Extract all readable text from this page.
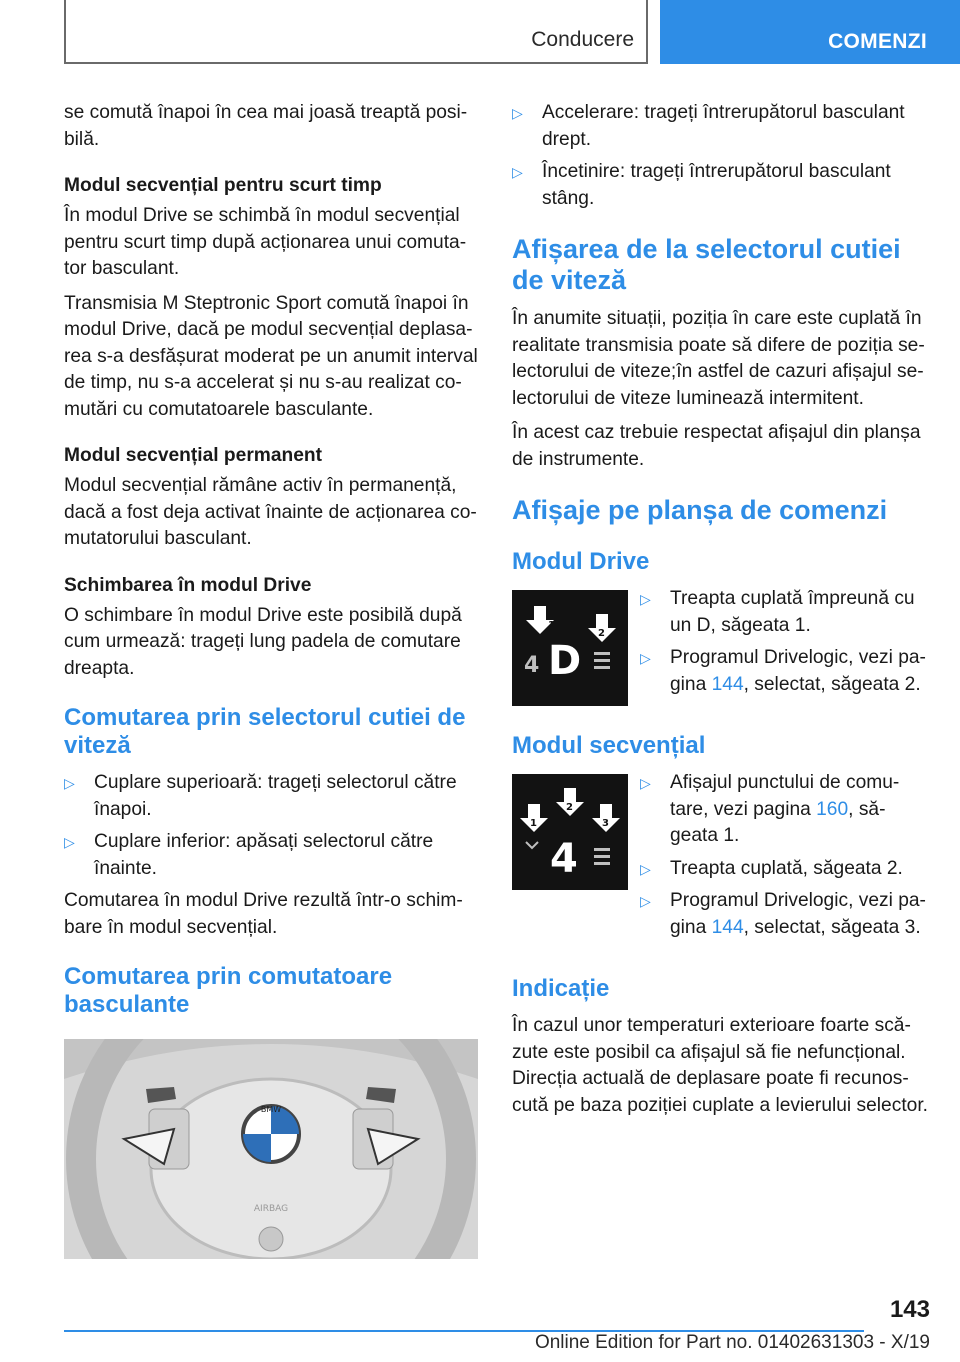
Conducere	COMENZI

se comută înapoi în cea mai joasă treaptă posi-bilă.

Modul secvențial pentru scurt timp

În modul Drive se schimbă în modul secvențial pentru scurt timp după acționarea unui comuta-tor basculant.

Transmisia M Steptronic Sport comută înapoi în modul Drive, dacă pe modul secvențial deplasa-rea s-a desfășurat moderat pe un anumit interval de timp, nu s-a accelerat și nu s-au realizat co-mutări cu comutatoarele basculante.

Modul secvențial permanent

Modul secvențial rămâne activ în permanență, dacă a fost deja activat înainte de acționarea co-mutatorului basculant.

Schimbarea în modul Drive

O schimbare în modul Drive este posibilă după cum urmează: trageți lung padela de comutare dreapta.

Comutarea prin selectorul cutiei de viteză
▷ Cuplare superioară: trageți selectorul către înapoi.
▷ Cuplare inferior: apăsați selectorul către înainte.

Comutarea în modul Drive rezultă într-o schim-bare în modul secvențial.

Comutarea prin comutatoare basculante
BMW
AIRBAG
▷ Accelerare: trageți întrerupătorul basculant drept.
▷ Încetinire: trageți întrerupătorul basculant stâng.
Afișarea de la selectorul cutiei de viteză

În anumite situații, poziția în care este cuplată în realitate transmisia poate să difere de poziția se-lectorului de viteze;în astfel de cazuri afișajul se-lectorului de viteze luminează intermitent.

În acest caz trebuie respectat afișajul din planșa de instrumente.

Afișaje pe planșa de comenzi
Modul Drive
1
2
4 D
▷ Treapta cuplată împreună cu un D, săgeata 1.
▷ Programul Drivelogic, vezi pa-gina 144, selectat, săgeata 2.
Modul secvențial
1
2
3
4
▷ Afișajul punctului de comu-tare, vezi pagina 160, să-geata 1.
▷ Treapta cuplată, săgeata 2.
▷ Programul Drivelogic, vezi pa-gina 144, selectat, săgeata 3.
Indicație

În cazul unor temperaturi exterioare foarte scă-zute este posibil ca afișajul să fie nefuncțional. Direcția actuală de deplasare poate fi recunos-cută pe baza poziției cuplate a levierului selector.

143
Online Edition for Part no. 01402631303 - X/19
